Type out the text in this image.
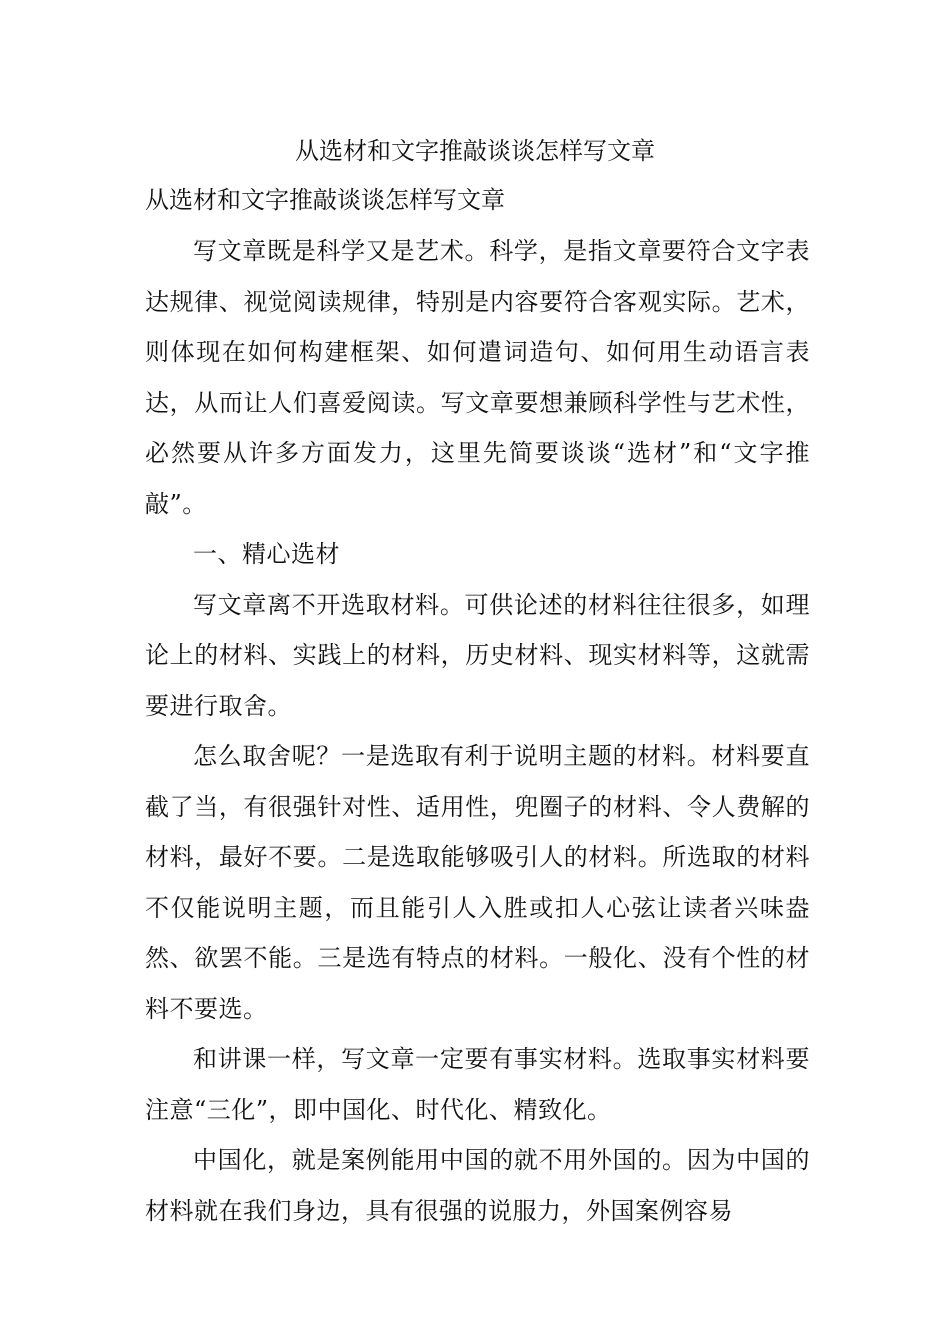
从选材和文字推敲谈谈怎样写文章
从选材和文字推敲谈谈怎样写文章

写文章既是科学又是艺术。科学，是指文章要符合文字表达规律、视觉阅读规律，特别是内容要符合客观实际。艺术，则体现在如何构建框架、如何遣词造句、如何用生动语言表达，从而让人们喜爱阅读。写文章要想兼顾科学性与艺术性，必然要从许多方面发力，这里先简要谈谈“选材”和“文字推敲”。

一、精心选材

写文章离不开选取材料。可供论述的材料往往很多，如理论上的材料、实践上的材料，历史材料、现实材料等，这就需要进行取舍。

怎么取舍呢？一是选取有利于说明主题的材料。材料要直截了当，有很强针对性、适用性，兜圈子的材料、令人费解的材料，最好不要。二是选取能够吸引人的材料。所选取的材料不仅能说明主题，而且能引人入胜或扣人心弦让读者兴味盎然、欲罢不能。三是选有特点的材料。一般化、没有个性的材料不要选。

和讲课一样，写文章一定要有事实材料。选取事实材料要注意“三化”，即中国化、时代化、精致化。

中国化，就是案例能用中国的就不用外国的。因为中国的材料就在我们身边，具有很强的说服力，外国案例容易
